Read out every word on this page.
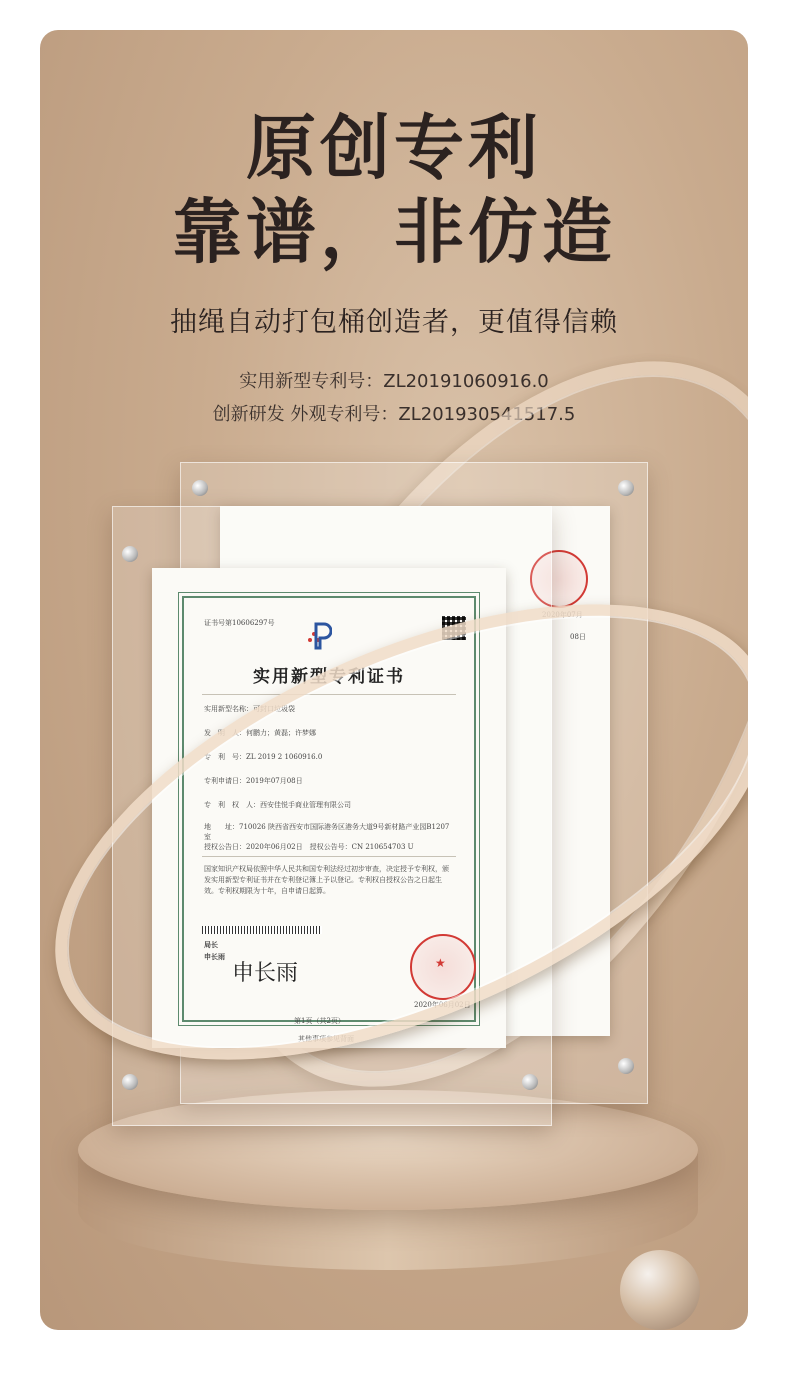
原创专利
靠谱，非仿造
抽绳自动打包桶创造者，更值得信赖
实用新型专利号：ZL20191060916.0
创新研发 外观专利号：ZL201930541517.5
2020年07月
08日
证书号第10606297号
实用新型专利证书
实用新型名称：可封口垃圾袋
发　明　人：何鹏力；黄磊；许梦娜
专　利　号：ZL 2019 2 1060916.0
专利申请日：2019年07月08日
专　利　权　人：西安佳悦手商业管理有限公司
地　　址：710026 陕西省西安市国际港务区港务大道9号新材路产业园B1207室
授权公告日：2020年06月02日　授权公告号：CN 210654703 U
国家知识产权局依照中华人民共和国专利法经过初步审查，决定授予专利权，颁发实用新型专利证书并在专利登记簿上予以登记。专利权自授权公告之日起生效。专利权期限为十年，自申请日起算。
局长
申长雨
申长雨	★
2020年06月02日
第1页（共2页）
其他事项参见背面
